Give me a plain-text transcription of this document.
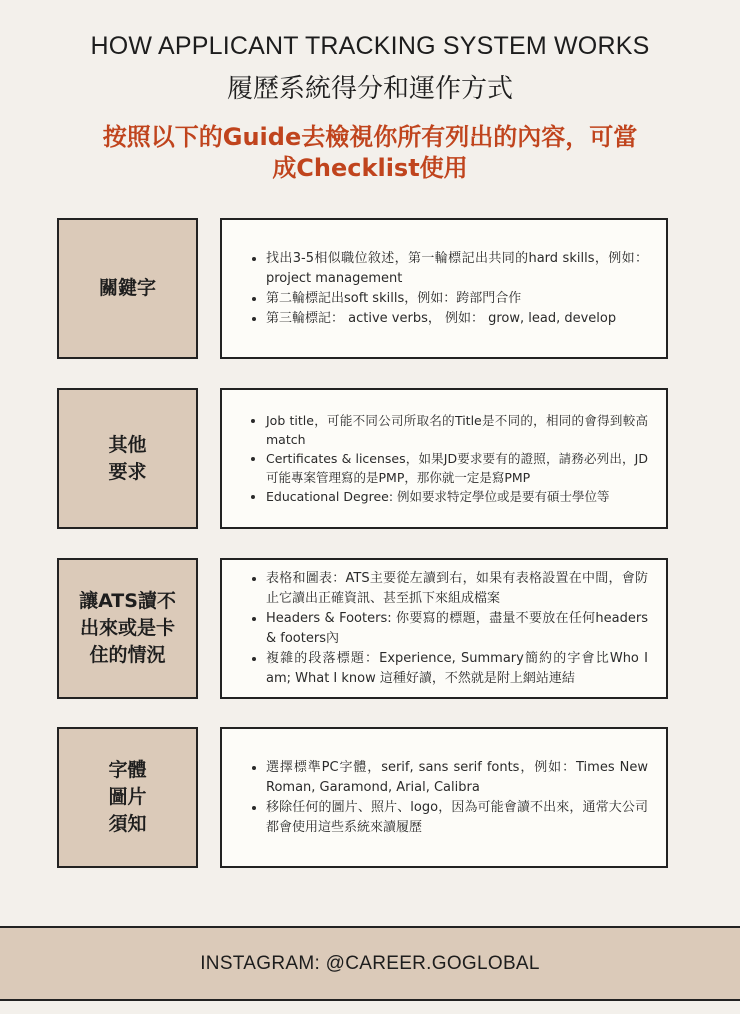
HOW APPLICANT TRACKING SYSTEM WORKS
履歷系統得分和運作方式
按照以下的Guide去檢視你所有列出的內容，可當成Checklist使用
關鍵字
• 找出3-5相似職位敘述，第一輪標記出共同的hard skills，例如：project management
• 第二輪標記出soft skills，例如：跨部門合作
• 第三輪標記： active verbs， 例如： grow, lead, develop
其他
要求
• Job title，可能不同公司所取名的Title是不同的，相同的會得到較高match
• Certificates & licenses，如果JD要求要有的證照，請務必列出，JD可能專案管理寫的是PMP，那你就一定是寫PMP
• Educational Degree: 例如要求特定學位或是要有碩士學位等
讓ATS讀不
出來或是卡
住的情況
• 表格和圖表：ATS主要從左讀到右，如果有表格設置在中間，會防止它讀出正確資訊、甚至抓下來組成檔案
• Headers & Footers: 你要寫的標題，盡量不要放在任何headers & footers內
• 複雜的段落標題：Experience, Summary簡約的字會比Who I am; What I know 這種好讀，不然就是附上網站連結
字體
圖片
須知
• 選擇標準PC字體，serif, sans serif fonts，例如：Times New Roman, Garamond, Arial, Calibra
• 移除任何的圖片、照片、logo，因為可能會讀不出來，通常大公司都會使用這些系統來讀履歷
INSTAGRAM: @CAREER.GOGLOBAL
